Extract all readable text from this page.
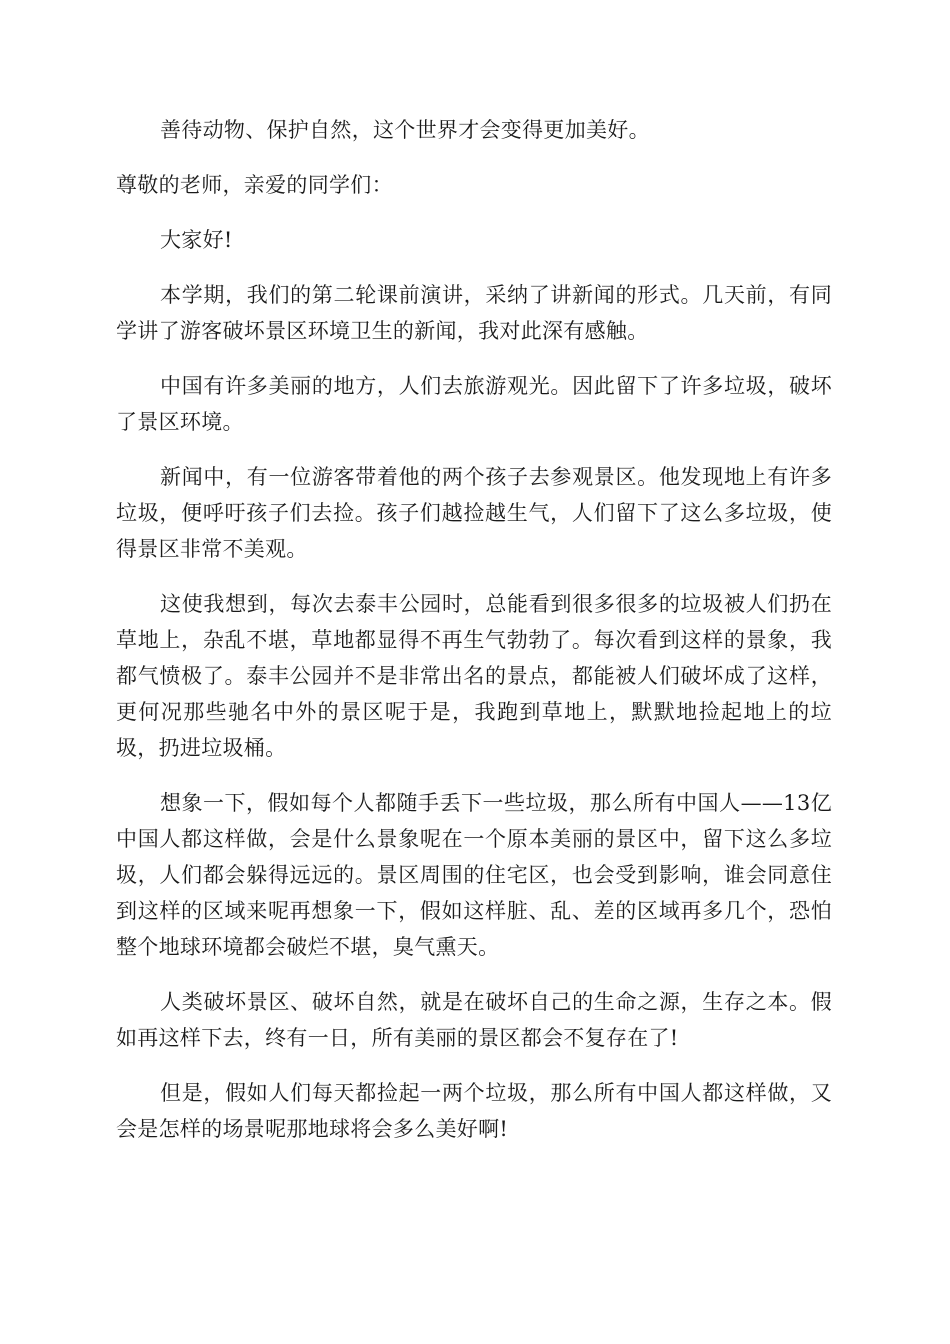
善待动物、保护自然，这个世界才会变得更加美好。

尊敬的老师，亲爱的同学们：

大家好!

本学期，我们的第二轮课前演讲，采纳了讲新闻的形式。几天前，有同学讲了游客破坏景区环境卫生的新闻，我对此深有感触。

中国有许多美丽的地方，人们去旅游观光。因此留下了许多垃圾，破坏了景区环境。

新闻中，有一位游客带着他的两个孩子去参观景区。他发现地上有许多垃圾，便呼吁孩子们去捡。孩子们越捡越生气，人们留下了这么多垃圾，使得景区非常不美观。

这使我想到，每次去泰丰公园时，总能看到很多很多的垃圾被人们扔在草地上，杂乱不堪，草地都显得不再生气勃勃了。每次看到这样的景象，我都气愤极了。泰丰公园并不是非常出名的景点，都能被人们破坏成了这样，更何况那些驰名中外的景区呢于是，我跑到草地上，默默地捡起地上的垃圾，扔进垃圾桶。

想象一下，假如每个人都随手丢下一些垃圾，那么所有中国人——13亿中国人都这样做，会是什么景象呢在一个原本美丽的景区中，留下这么多垃圾，人们都会躲得远远的。景区周围的住宅区，也会受到影响，谁会同意住到这样的区域来呢再想象一下，假如这样脏、乱、差的区域再多几个，恐怕整个地球环境都会破烂不堪，臭气熏天。

人类破坏景区、破坏自然，就是在破坏自己的生命之源，生存之本。假如再这样下去，终有一日，所有美丽的景区都会不复存在了!

但是，假如人们每天都捡起一两个垃圾，那么所有中国人都这样做，又会是怎样的场景呢那地球将会多么美好啊!
